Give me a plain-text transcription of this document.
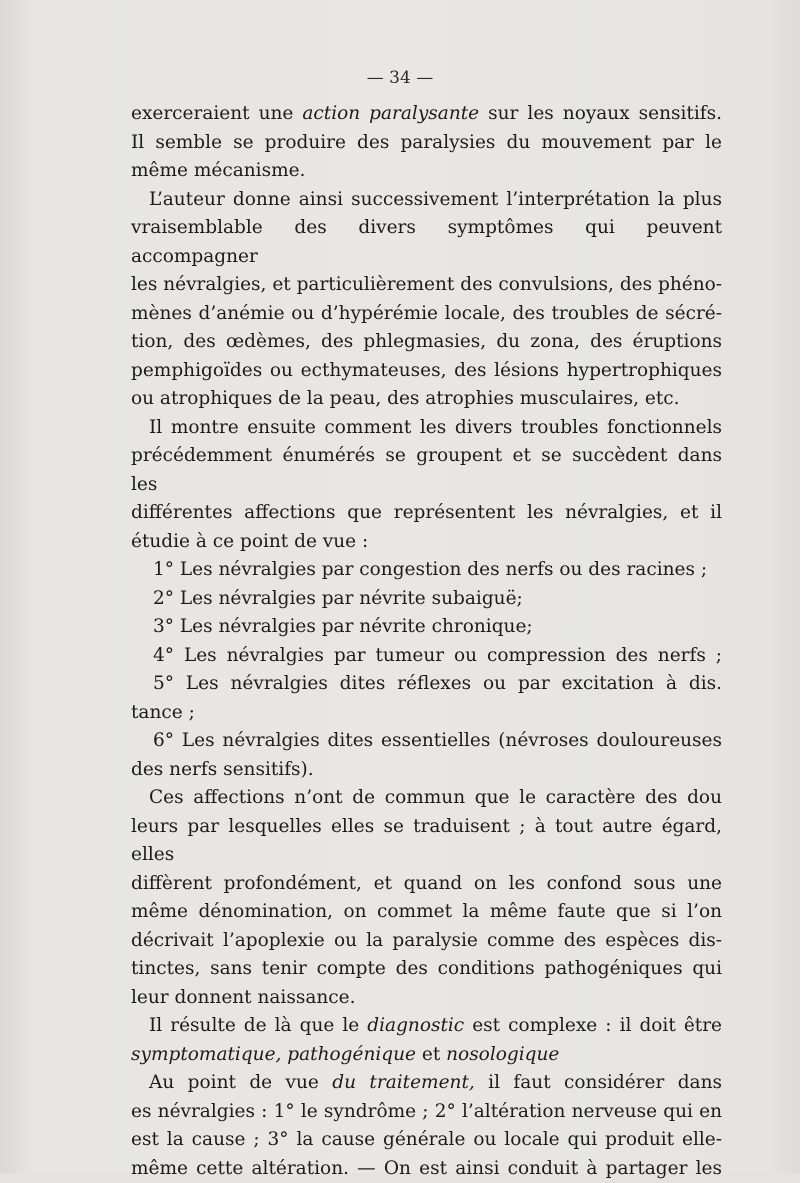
— 34 —

exerceraient une action paralysante sur les noyaux sensitifs.

Il semble se produire des paralysies du mouvement par le

même mécanisme.

L’auteur donne ainsi successivement l’interprétation la plus

vraisemblable des divers symptômes qui peuvent accompagner

les névralgies, et particulièrement des convulsions, des phéno-

mènes d’anémie ou d’hypérémie locale, des troubles de sécré-

tion, des œdèmes, des phlegmasies, du zona, des éruptions

pemphigoïdes ou ecthymateuses, des lésions hypertrophiques

ou atrophiques de la peau, des atrophies musculaires, etc.

Il montre ensuite comment les divers troubles fonctionnels

précédemment énumérés se groupent et se succèdent dans les

différentes affections que représentent les névralgies, et il

étudie à ce point de vue :

1° Les névralgies par congestion des nerfs ou des racines ;

2° Les névralgies par névrite subaiguë;

3° Les névralgies par névrite chronique;

4° Les névralgies par tumeur ou compression des nerfs ;

5° Les névralgies dites réflexes ou par excitation à dis.

tance ;

6° Les névralgies dites essentielles (névroses douloureuses

des nerfs sensitifs).

Ces affections n’ont de commun que le caractère des dou

leurs par lesquelles elles se traduisent ; à tout autre égard, elles

diffèrent profondément, et quand on les confond sous une

même dénomination, on commet la même faute que si l’on

décrivait l’apoplexie ou la paralysie comme des espèces dis-

tinctes, sans tenir compte des conditions pathogéniques qui

leur donnent naissance.

Il résulte de là que le diagnostic est complexe : il doit être

symptomatique, pathogénique et nosologique

Au point de vue du traitement, il faut considérer dans

es névralgies : 1° le syndrôme ; 2° l’altération nerveuse qui en

est la cause ; 3° la cause générale ou locale qui produit elle-

même cette altération. — On est ainsi conduit à partager les
